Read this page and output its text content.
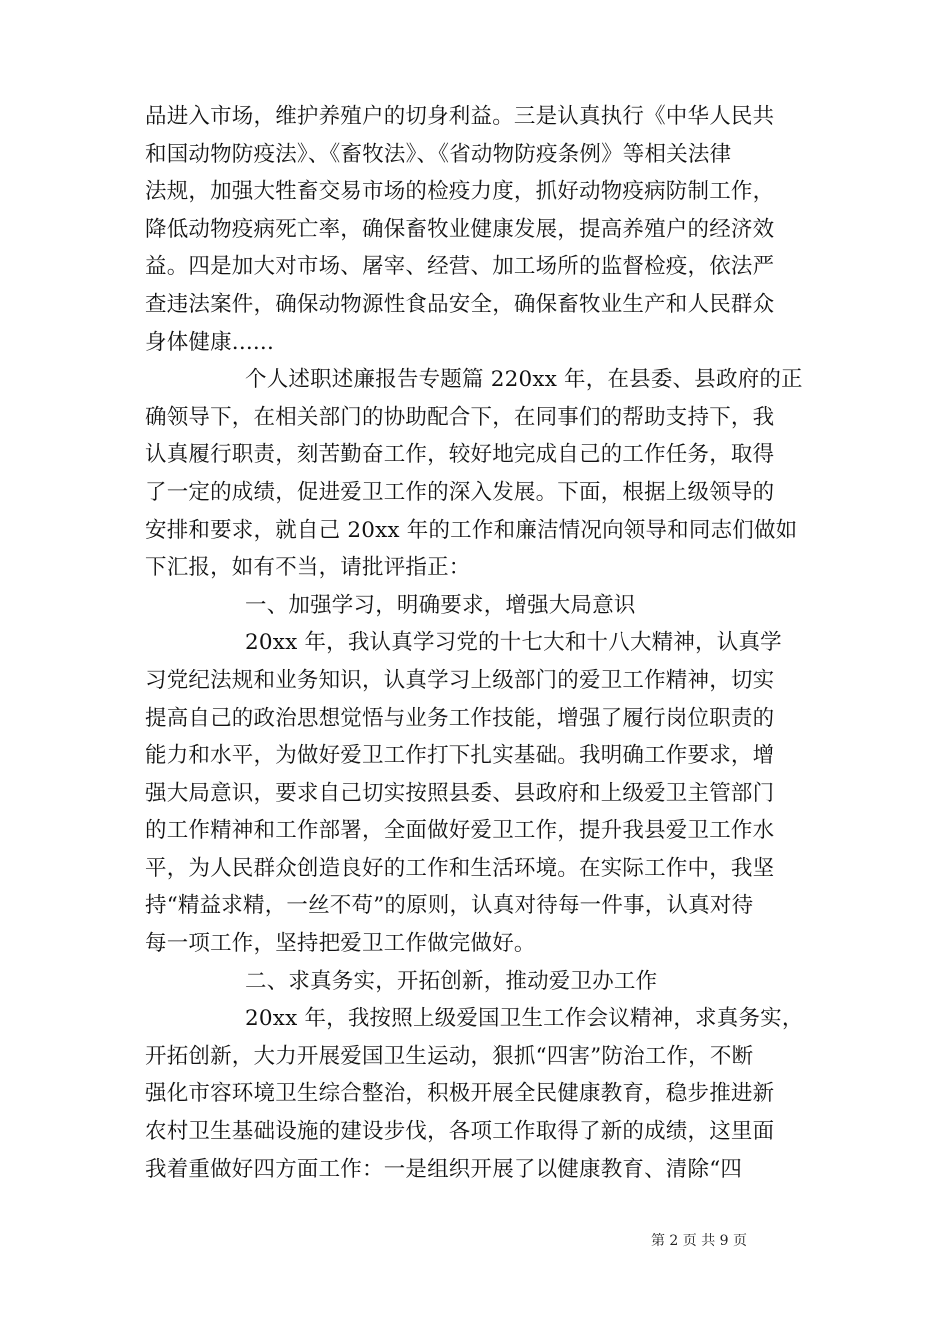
品进入市场，维护养殖户的切身利益。三是认真执行《中华人民共
和国动物防疫法》、《畜牧法》、《省动物防疫条例》等相关法律
法规，加强大牲畜交易市场的检疫力度，抓好动物疫病防制工作，
降低动物疫病死亡率，确保畜牧业健康发展，提高养殖户的经济效
益。四是加大对市场、屠宰、经营、加工场所的监督检疫，依法严
查违法案件，确保动物源性食品安全，确保畜牧业生产和人民群众
身体健康......
个人述职述廉报告专题篇 220xx 年，在县委、县政府的正
确领导下，在相关部门的协助配合下，在同事们的帮助支持下，我
认真履行职责，刻苦勤奋工作，较好地完成自己的工作任务，取得
了一定的成绩，促进爱卫工作的深入发展。下面，根据上级领导的
安排和要求，就自己 20xx 年的工作和廉洁情况向领导和同志们做如
下汇报，如有不当，请批评指正：
一、加强学习，明确要求，增强大局意识
20xx 年，我认真学习党的十七大和十八大精神，认真学
习党纪法规和业务知识，认真学习上级部门的爱卫工作精神，切实
提高自己的政治思想觉悟与业务工作技能，增强了履行岗位职责的
能力和水平，为做好爱卫工作打下扎实基础。我明确工作要求，增
强大局意识，要求自己切实按照县委、县政府和上级爱卫主管部门
的工作精神和工作部署，全面做好爱卫工作，提升我县爱卫工作水
平，为人民群众创造良好的工作和生活环境。在实际工作中，我坚
持“精益求精，一丝不苟”的原则，认真对待每一件事，认真对待
每一项工作，坚持把爱卫工作做完做好。
二、求真务实，开拓创新，推动爱卫办工作
20xx 年，我按照上级爱国卫生工作会议精神，求真务实，
开拓创新，大力开展爱国卫生运动，狠抓“四害”防治工作，不断
强化市容环境卫生综合整治，积极开展全民健康教育，稳步推进新
农村卫生基础设施的建设步伐，各项工作取得了新的成绩，这里面
我着重做好四方面工作：一是组织开展了以健康教育、清除“四
第 2 页 共 9 页
